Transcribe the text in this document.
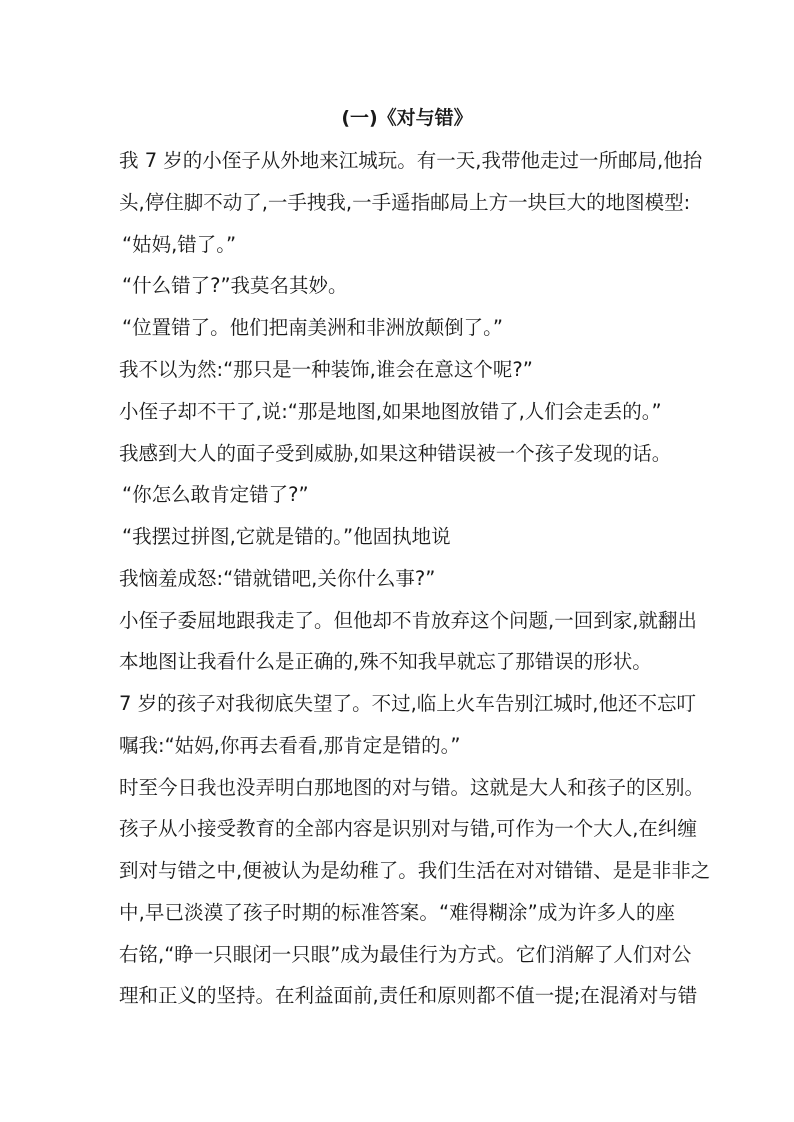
(一)《对与错》
我 7 岁的小侄子从外地来江城玩。有一天,我带他走过一所邮局,他抬
头,停住脚不动了,一手拽我,一手遥指邮局上方一块巨大的地图模型:
“姑妈,错了。”
“什么错了?”我莫名其妙。
“位置错了。他们把南美洲和非洲放颠倒了。”
我不以为然:“那只是一种装饰,谁会在意这个呢?”
小侄子却不干了,说:“那是地图,如果地图放错了,人们会走丢的。”
我感到大人的面子受到威胁,如果这种错误被一个孩子发现的话。
“你怎么敢肯定错了?”
“我摆过拼图,它就是错的。”他固执地说
我恼羞成怒:“错就错吧,关你什么事?”
小侄子委屈地跟我走了。但他却不肯放弃这个问题,一回到家,就翻出
本地图让我看什么是正确的,殊不知我早就忘了那错误的形状。
7 岁的孩子对我彻底失望了。不过,临上火车告别江城时,他还不忘叮
嘱我:“姑妈,你再去看看,那肯定是错的。”
时至今日我也没弄明白那地图的对与错。这就是大人和孩子的区别。
孩子从小接受教育的全部内容是识别对与错,可作为一个大人,在纠缠
到对与错之中,便被认为是幼稚了。我们生活在对对错错、是是非非之
中,早已淡漠了孩子时期的标准答案。“难得糊涂”成为许多人的座
右铭,“睁一只眼闭一只眼”成为最佳行为方式。它们消解了人们对公
理和正义的坚持。在利益面前,责任和原则都不值一提;在混淆对与错
